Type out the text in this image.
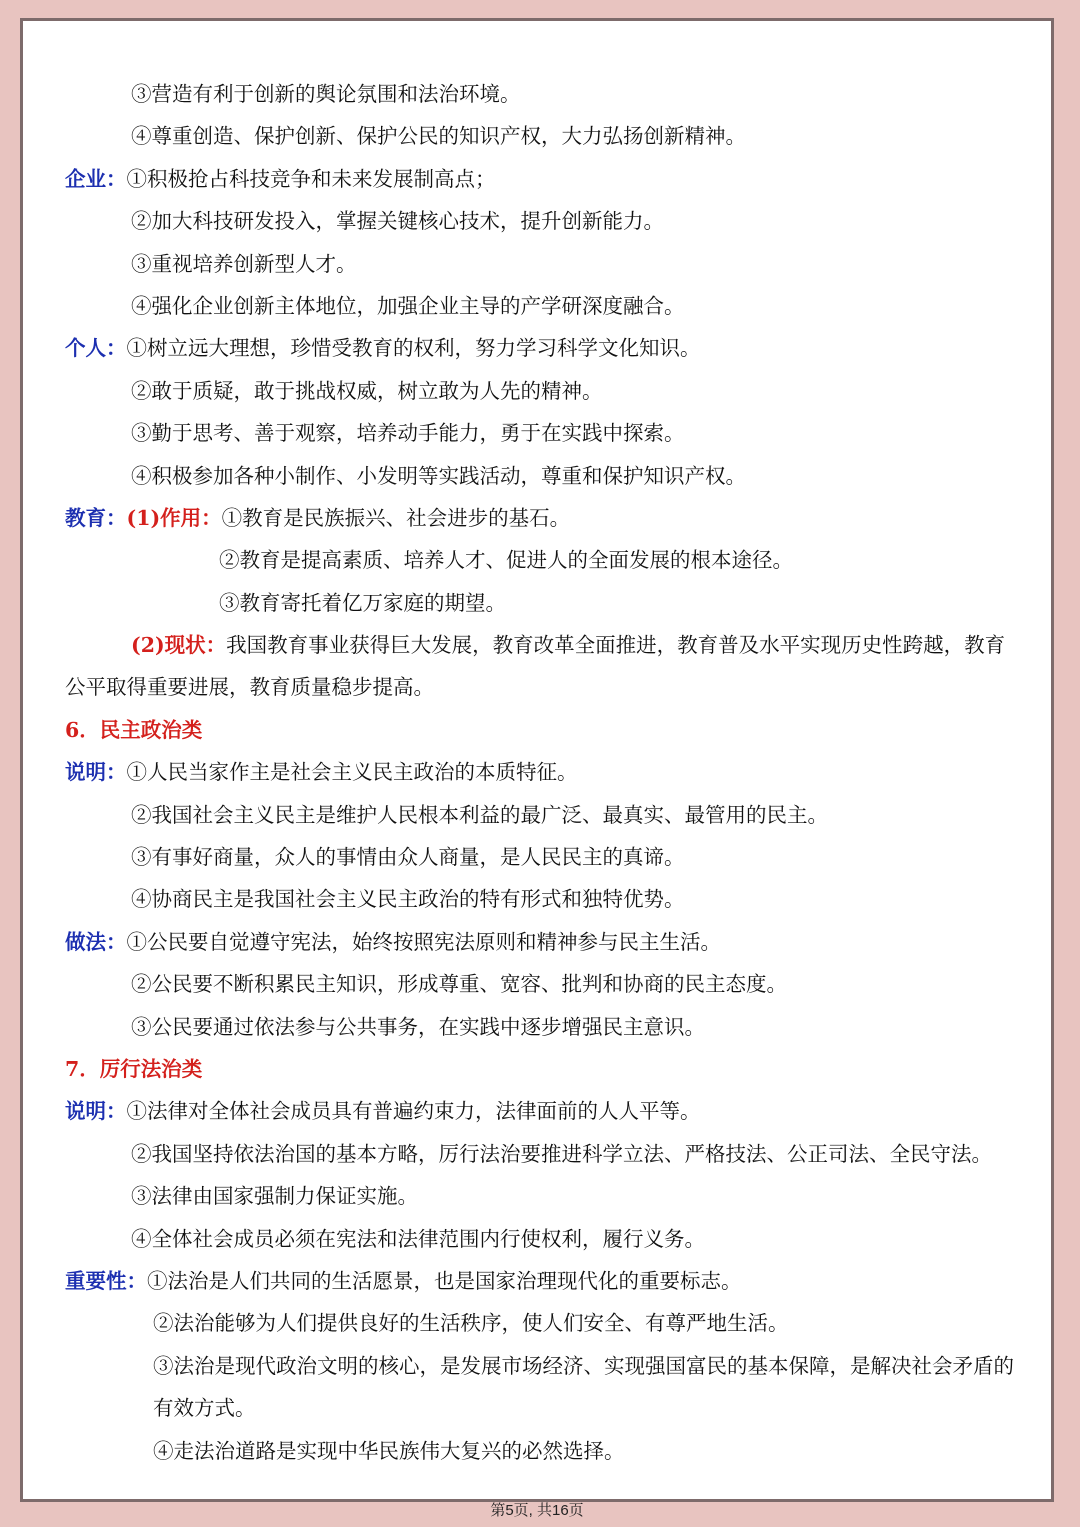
③营造有利于创新的舆论氛围和法治环境。
④尊重创造、保护创新、保护公民的知识产权，大力弘扬创新精神。
企业：①积极抢占科技竞争和未来发展制高点；
②加大科技研发投入，掌握关键核心技术，提升创新能力。
③重视培养创新型人才。
④强化企业创新主体地位，加强企业主导的产学研深度融合。
个人：①树立远大理想，珍惜受教育的权利，努力学习科学文化知识。
②敢于质疑，敢于挑战权威，树立敢为人先的精神。
③勤于思考、善于观察，培养动手能力，勇于在实践中探索。
④积极参加各种小制作、小发明等实践活动，尊重和保护知识产权。
教育：(1)作用：①教育是民族振兴、社会进步的基石。
②教育是提高素质、培养人才、促进人的全面发展的根本途径。
③教育寄托着亿万家庭的期望。
(2)现状：我国教育事业获得巨大发展，教育改革全面推进，教育普及水平实现历史性跨越，教育公平取得重要进展，教育质量稳步提高。
6．民主政治类
说明：①人民当家作主是社会主义民主政治的本质特征。
②我国社会主义民主是维护人民根本利益的最广泛、最真实、最管用的民主。
③有事好商量，众人的事情由众人商量，是人民民主的真谛。
④协商民主是我国社会主义民主政治的特有形式和独特优势。
做法：①公民要自觉遵守宪法，始终按照宪法原则和精神参与民主生活。
②公民要不断积累民主知识，形成尊重、宽容、批判和协商的民主态度。
③公民要通过依法参与公共事务，在实践中逐步增强民主意识。
7．厉行法治类
说明：①法律对全体社会成员具有普遍约束力，法律面前的人人平等。
②我国坚持依法治国的基本方略，厉行法治要推进科学立法、严格技法、公正司法、全民守法。
③法律由国家强制力保证实施。
④全体社会成员必须在宪法和法律范围内行使权利，履行义务。
重要性：①法治是人们共同的生活愿景，也是国家治理现代化的重要标志。
②法治能够为人们提供良好的生活秩序，使人们安全、有尊严地生活。
③法治是现代政治文明的核心，是发展市场经济、实现强国富民的基本保障，是解决社会矛盾的有效方式。
④走法治道路是实现中华民族伟大复兴的必然选择。
第5页, 共16页
